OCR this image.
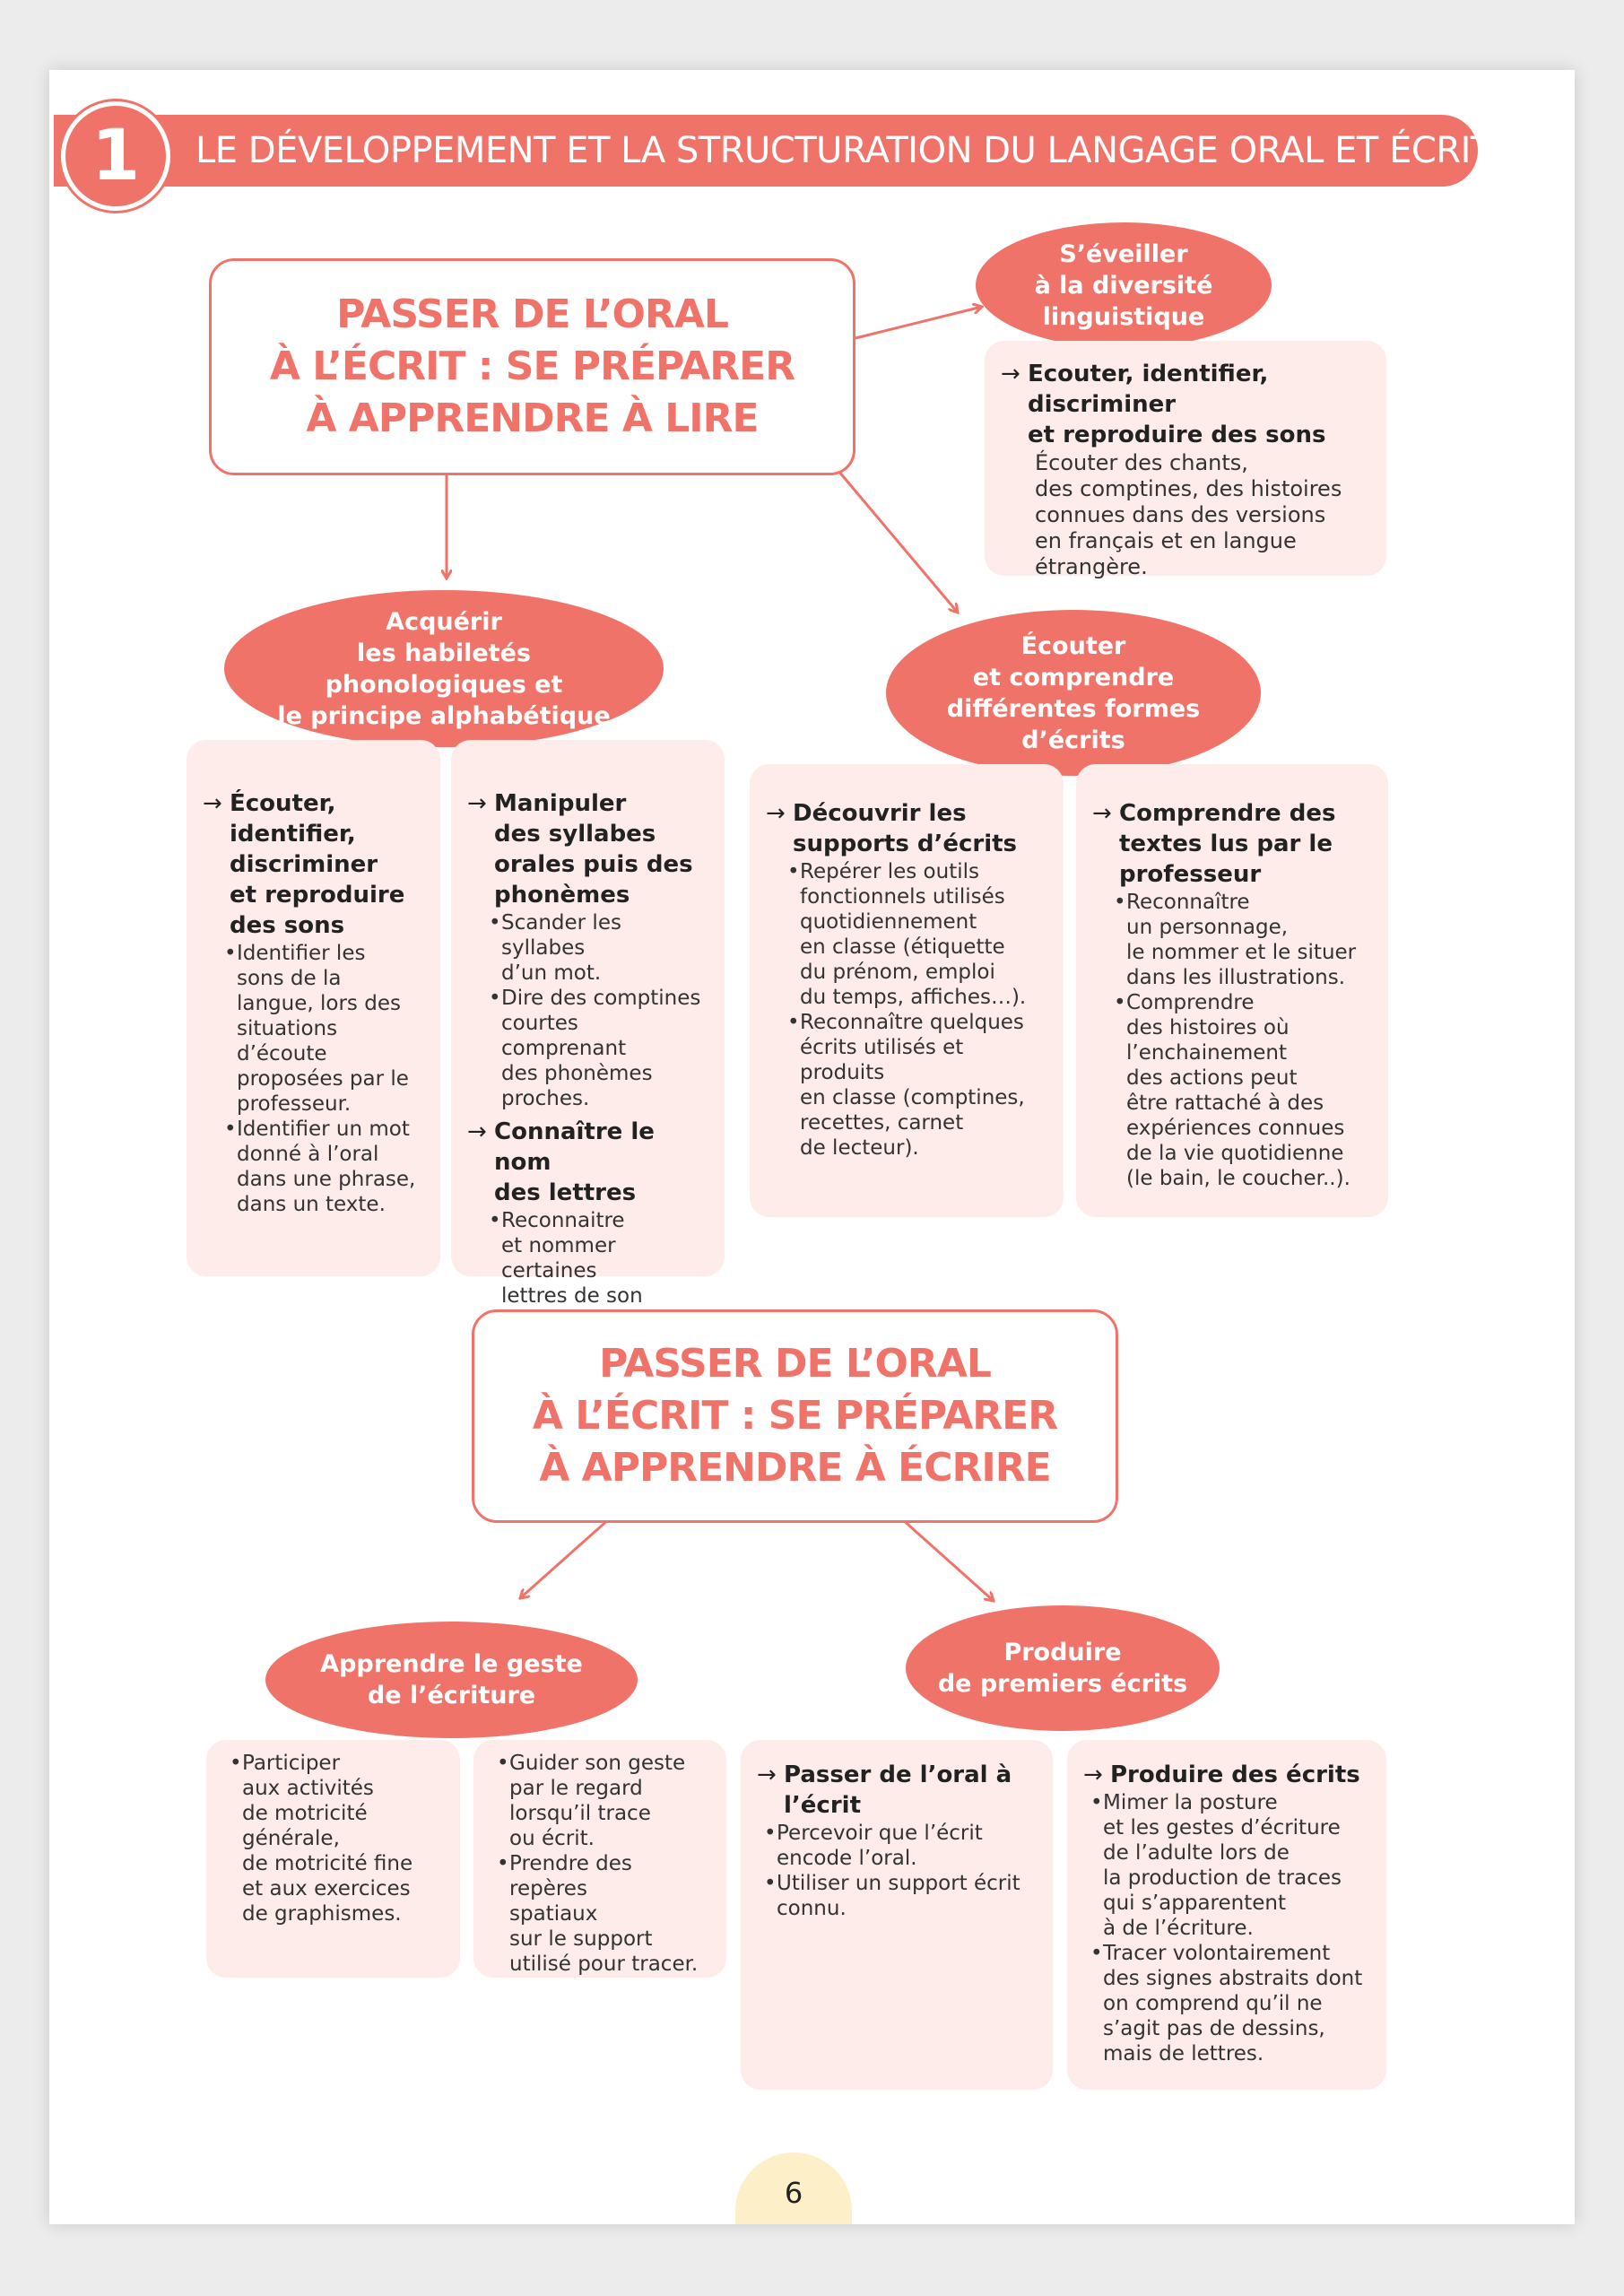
1	LE DÉVELOPPEMENT ET LA STRUCTURATION DU LANGAGE ORAL ET ÉCRIT
PASSER DE L’ORAL
À L’ÉCRIT : SE PRÉPARER
À APPRENDRE À LIRE
S’éveiller
à la diversité
linguistique
→ Ecouter, identifier, discriminer
et reproduire des sons
Écouter des chants,
des comptines, des histoires
connues dans des versions
en français et en langue
étrangère.
Acquérir
les habiletés
phonologiques et
le principe alphabétique
→ Écouter,
identifier,
discriminer
et reproduire
des sons
• Identifier les
sons de la
langue, lors des
situations d’écoute
proposées par le
professeur.
• Identifier un mot
donné à l’oral
dans une phrase,
dans un texte.
→ Manipuler
des syllabes
orales puis des
phonèmes
• Scander les syllabes
d’un mot.
• Dire des comptines
courtes comprenant
des phonèmes
proches.
→ Connaître le nom
des lettres
• Reconnaitre
et nommer certaines
lettres de son
Écouter
et comprendre
différentes formes
d’écrits
→ Découvrir les
supports d’écrits
• Repérer les outils
fonctionnels utilisés
quotidiennement
en classe (étiquette
du prénom, emploi
du temps, affiches…).
• Reconnaître quelques
écrits utilisés et produits
en classe (comptines,
recettes, carnet
de lecteur).
→ Comprendre des
textes lus par le
professeur
• Reconnaître
un personnage,
le nommer et le situer
dans les illustrations.
• Comprendre
des histoires où
l’enchainement
des actions peut
être rattaché à des
expériences connues
de la vie quotidienne
(le bain, le coucher..).
PASSER DE L’ORAL
À L’ÉCRIT : SE PRÉPARER
À APPRENDRE À ÉCRIRE
Apprendre le geste
de l’écriture
• Participer
aux activités
de motricité
générale,
de motricité fine
et aux exercices
de graphismes.
• Guider son geste
par le regard
lorsqu’il trace
ou écrit.
• Prendre des repères
spatiaux
sur le support
utilisé pour tracer.
Produire
de premiers écrits
→ Passer de l’oral à
l’écrit
• Percevoir que l’écrit
encode l’oral.
• Utiliser un support écrit
connu.
→ Produire des écrits
• Mimer la posture
et les gestes d’écriture
de l’adulte lors de
la production de traces
qui s’apparentent
à de l’écriture.
• Tracer volontairement
des signes abstraits dont
on comprend qu’il ne
s’agit pas de dessins,
mais de lettres.
6
